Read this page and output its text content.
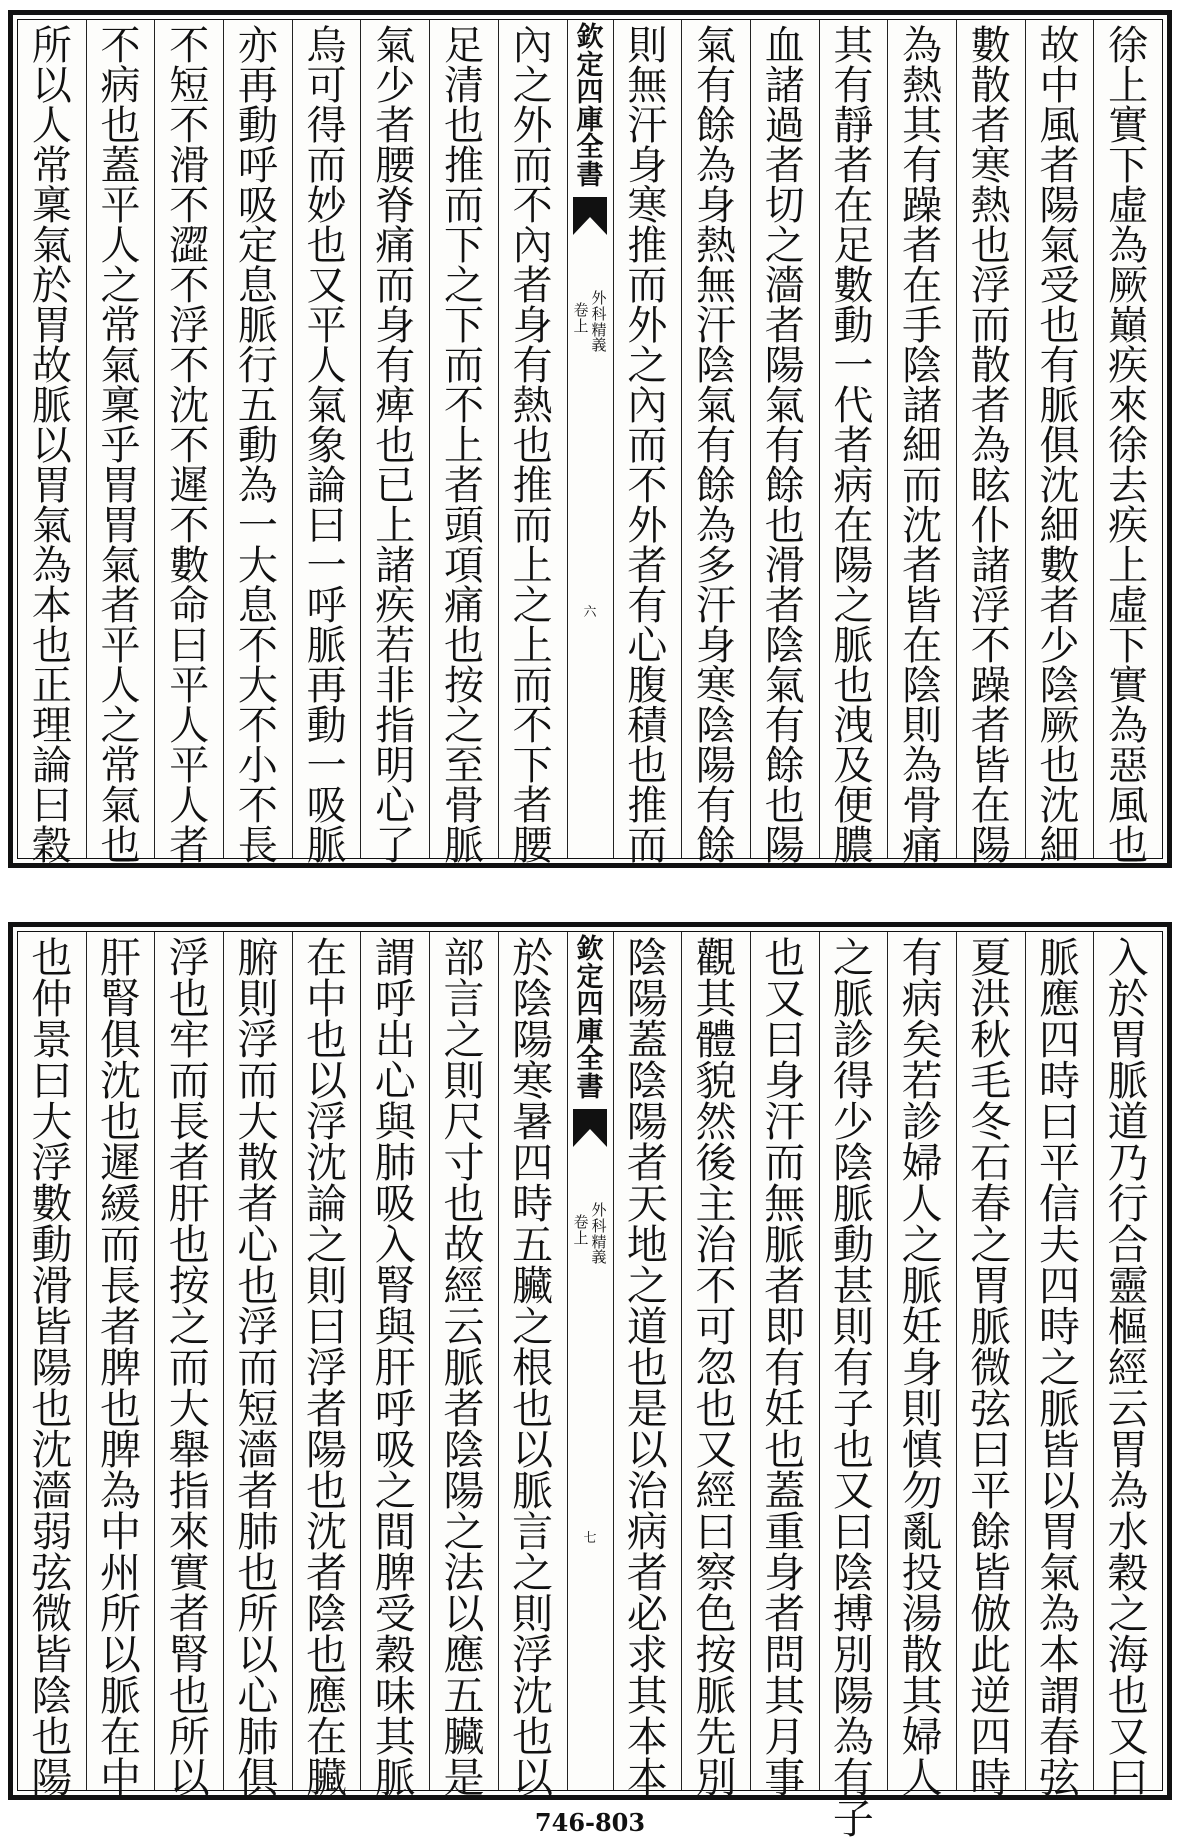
徐
上
實
下
虛
為
厥
巔
疾
來
徐
去
疾
上
虛
下
實
為
惡
風
也
故
中
風
者
陽
氣
受
也
有
脈
俱
沈
細
數
者
少
陰
厥
也
沈
細
數
散
者
寒
熱
也
浮
而
散
者
為
眩
仆
諸
浮
不
躁
者
皆
在
陽
為
熱
其
有
躁
者
在
手
陰
諸
細
而
沈
者
皆
在
陰
則
為
骨
痛
其
有
靜
者
在
足
數
動
一
代
者
病
在
陽
之
脈
也
洩
及
便
膿
血
諸
過
者
切
之
濇
者
陽
氣
有
餘
也
滑
者
陰
氣
有
餘
也
陽
氣
有
餘
為
身
熱
無
汗
陰
氣
有
餘
為
多
汗
身
寒
陰
陽
有
餘
則
無
汗
身
寒
推
而
外
之
內
而
不
外
者
有
心
腹
積
也
推
而
欽
定
四
庫
全
書
外
科
精
義
卷
上
六
內
之
外
而
不
內
者
身
有
熱
也
推
而
上
之
上
而
不
下
者
腰
足
清
也
推
而
下
之
下
而
不
上
者
頭
項
痛
也
按
之
至
骨
脈
氣
少
者
腰
脊
痛
而
身
有
痺
也
已
上
諸
疾
若
非
指
明
心
了
烏
可
得
而
妙
也
又
平
人
氣
象
論
曰
一
呼
脈
再
動
一
吸
脈
亦
再
動
呼
吸
定
息
脈
行
五
動
為
一
大
息
不
大
不
小
不
長
不
短
不
滑
不
澀
不
浮
不
沈
不
遲
不
數
命
曰
平
人
平
人
者
不
病
也
蓋
平
人
之
常
氣
稟
乎
胃
胃
氣
者
平
人
之
常
氣
也
所
以
人
常
稟
氣
於
胃
故
脈
以
胃
氣
為
本
也
正
理
論
曰
穀
入
於
胃
脈
道
乃
行
合
靈
樞
經
云
胃
為
水
穀
之
海
也
又
曰
脈
應
四
時
曰
平
信
夫
四
時
之
脈
皆
以
胃
氣
為
本
謂
春
弦
夏
洪
秋
毛
冬
石
春
之
胃
脈
微
弦
曰
平
餘
皆
倣
此
逆
四
時
有
病
矣
若
診
婦
人
之
脈
妊
身
則
慎
勿
亂
投
湯
散
其
婦
人
之
脈
診
得
少
陰
脈
動
甚
則
有
子
也
又
曰
陰
搏
別
陽
為
有
子
也
又
曰
身
汗
而
無
脈
者
即
有
妊
也
蓋
重
身
者
問
其
月
事
觀
其
體
貌
然
後
主
治
不
可
忽
也
又
經
曰
察
色
按
脈
先
別
陰
陽
蓋
陰
陽
者
天
地
之
道
也
是
以
治
病
者
必
求
其
本
本
欽
定
四
庫
全
書
外
科
精
義
卷
上
七
於
陰
陽
寒
暑
四
時
五
臟
之
根
也
以
脈
言
之
則
浮
沈
也
以
部
言
之
則
尺
寸
也
故
經
云
脈
者
陰
陽
之
法
以
應
五
臟
是
謂
呼
出
心
與
肺
吸
入
腎
與
肝
呼
吸
之
間
脾
受
穀
味
其
脈
在
中
也
以
浮
沈
論
之
則
曰
浮
者
陽
也
沈
者
陰
也
應
在
臟
腑
則
浮
而
大
散
者
心
也
浮
而
短
濇
者
肺
也
所
以
心
肺
俱
浮
也
牢
而
長
者
肝
也
按
之
而
大
舉
指
來
實
者
腎
也
所
以
肝
腎
俱
沈
也
遲
緩
而
長
者
脾
也
脾
為
中
州
所
以
脈
在
中
也
仲
景
曰
大
浮
數
動
滑
皆
陽
也
沈
濇
弱
弦
微
皆
陰
也
陽
746-803
